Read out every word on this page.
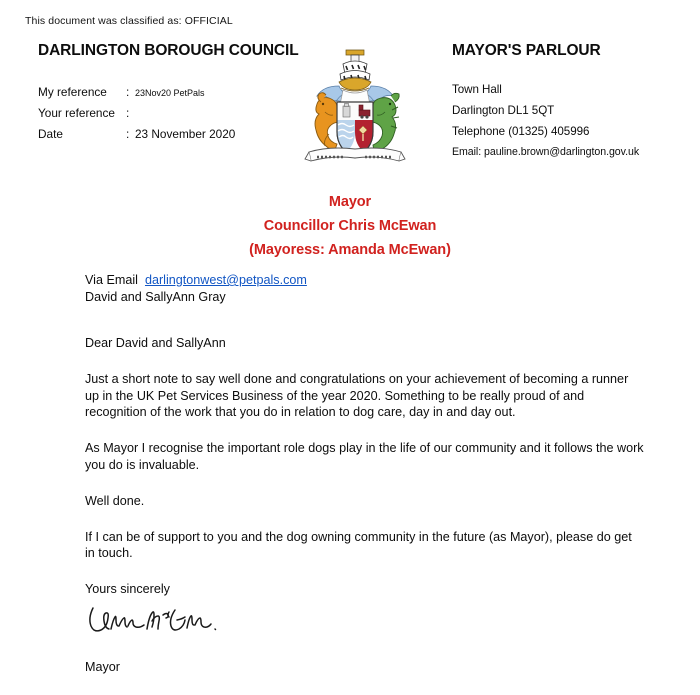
This document was classified as: OFFICIAL
DARLINGTON BOROUGH COUNCIL	MAYOR'S PARLOUR
My reference	: 23Nov20 PetPals
Your reference :
Date	: 23 November 2020
Town Hall
Darlington DL1 5QT
Telephone (01325) 405996
Email: pauline.brown@darlington.gov.uk
Mayor
Councillor Chris McEwan
(Mayoress: Amanda McEwan)
Via Email darlingtonwest@petpals.com
David and SallyAnn Gray

Dear David and SallyAnn

Just a short note to say well done and congratulations on your achievement of becoming a runner up in the UK Pet Services Business of the year 2020. Something to be really proud of and recognition of the work that you do in relation to dog care, day in and day out.

As Mayor I recognise the important role dogs play in the life of our community and it follows the work you do is invaluable.

Well done.

If I can be of support to you and the dog owning community in the future (as Mayor), please do get in touch.

Yours sincerely

Mayor
